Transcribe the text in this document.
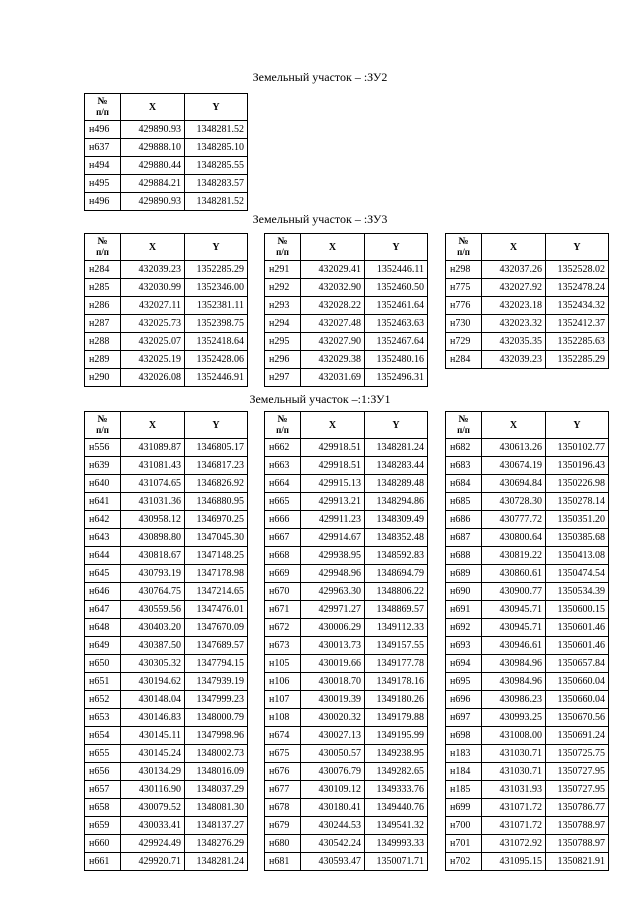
Земельный участок – :ЗУ2
№
п/п	X	Y
н496	429890.93	1348281.52
н637	429888.10	1348285.10
н494	429880.44	1348285.55
н495	429884.21	1348283.57
н496	429890.93	1348281.52
Земельный участок – :ЗУ3
№
п/п	X	Y
н284	432039.23	1352285.29
н285	432030.99	1352346.00
н286	432027.11	1352381.11
н287	432025.73	1352398.75
н288	432025.07	1352418.64
н289	432025.19	1352428.06
н290	432026.08	1352446.91
№
п/п	X	Y
н291	432029.41	1352446.11
н292	432032.90	1352460.50
н293	432028.22	1352461.64
н294	432027.48	1352463.63
н295	432027.90	1352467.64
н296	432029.38	1352480.16
н297	432031.69	1352496.31
№
п/п	X	Y
н298	432037.26	1352528.02
н775	432027.92	1352478.24
н776	432023.18	1352434.32
н730	432023.32	1352412.37
н729	432035.35	1352285.63
н284	432039.23	1352285.29
Земельный участок –:1:ЗУ1
№
п/п	X	Y
н556	431089.87	1346805.17
н639	431081.43	1346817.23
н640	431074.65	1346826.92
н641	431031.36	1346880.95
н642	430958.12	1346970.25
н643	430898.80	1347045.30
н644	430818.67	1347148.25
н645	430793.19	1347178.98
н646	430764.75	1347214.65
н647	430559.56	1347476.01
н648	430403.20	1347670.09
н649	430387.50	1347689.57
н650	430305.32	1347794.15
н651	430194.62	1347939.19
н652	430148.04	1347999.23
н653	430146.83	1348000.79
н654	430145.11	1347998.96
н655	430145.24	1348002.73
н656	430134.29	1348016.09
н657	430116.90	1348037.29
н658	430079.52	1348081.30
н659	430033.41	1348137.27
н660	429924.49	1348276.29
н661	429920.71	1348281.24
№
п/п	X	Y
н662	429918.51	1348281.24
н663	429918.51	1348283.44
н664	429915.13	1348289.48
н665	429913.21	1348294.86
н666	429911.23	1348309.49
н667	429914.67	1348352.48
н668	429938.95	1348592.83
н669	429948.96	1348694.79
н670	429963.30	1348806.22
н671	429971.27	1348869.57
н672	430006.29	1349112.33
н673	430013.73	1349157.55
н105	430019.66	1349177.78
н106	430018.70	1349178.16
н107	430019.39	1349180.26
н108	430020.32	1349179.88
н674	430027.13	1349195.99
н675	430050.57	1349238.95
н676	430076.79	1349282.65
н677	430109.12	1349333.76
н678	430180.41	1349440.76
н679	430244.53	1349541.32
н680	430542.24	1349993.33
н681	430593.47	1350071.71
№
п/п	X	Y
н682	430613.26	1350102.77
н683	430674.19	1350196.43
н684	430694.84	1350226.98
н685	430728.30	1350278.14
н686	430777.72	1350351.20
н687	430800.64	1350385.68
н688	430819.22	1350413.08
н689	430860.61	1350474.54
н690	430900.77	1350534.39
н691	430945.71	1350600.15
н692	430945.71	1350601.46
н693	430946.61	1350601.46
н694	430984.96	1350657.84
н695	430984.96	1350660.04
н696	430986.23	1350660.04
н697	430993.25	1350670.56
н698	431008.00	1350691.24
н183	431030.71	1350725.75
н184	431030.71	1350727.95
н185	431031.93	1350727.95
н699	431071.72	1350786.77
н700	431071.72	1350788.97
н701	431072.92	1350788.97
н702	431095.15	1350821.91
